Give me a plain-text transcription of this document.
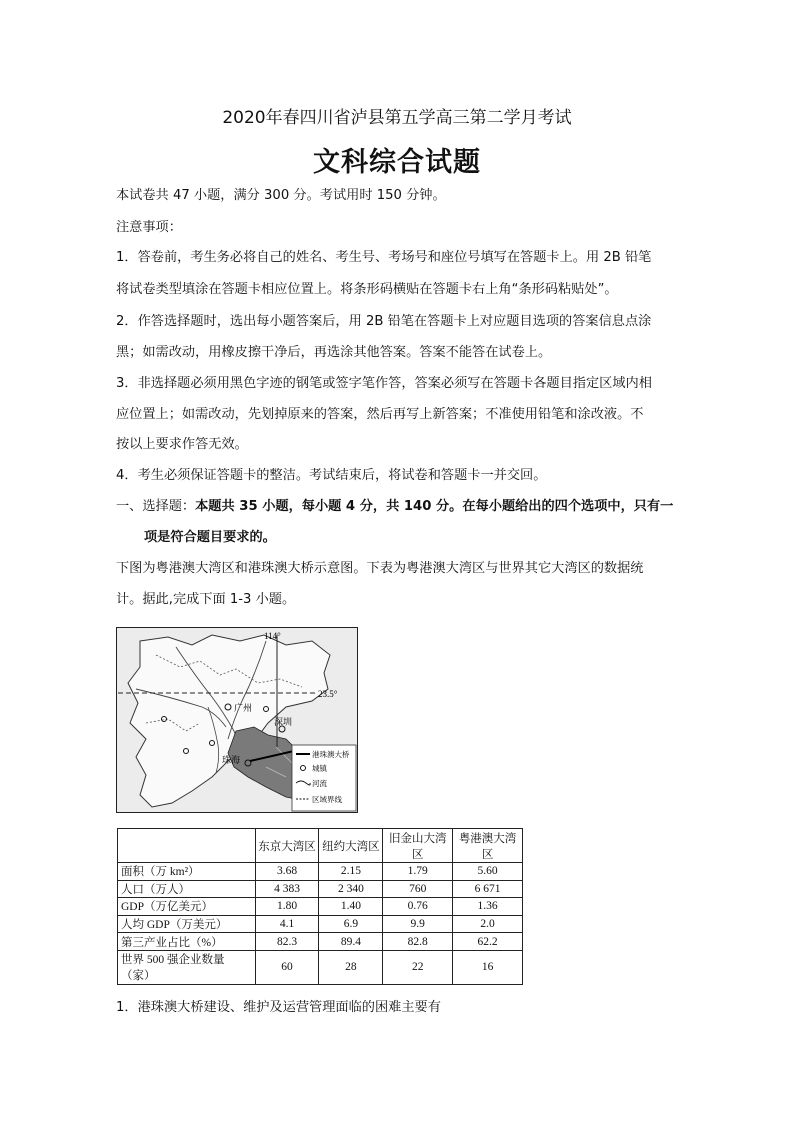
2020年春四川省泸县第五学高三第二学月考试
文科综合试题
本试卷共 47 小题，满分 300 分。考试用时 150 分钟。
注意事项：
1．答卷前，考生务必将自己的姓名、考生号、考场号和座位号填写在答题卡上。用 2B 铅笔
将试卷类型填涂在答题卡相应位置上。将条形码横贴在答题卡右上角“条形码粘贴处”。
2．作答选择题时，选出每小题答案后，用 2B 铅笔在答题卡上对应题目选项的答案信息点涂
黑；如需改动，用橡皮擦干净后，再选涂其他答案。答案不能答在试卷上。
3．非选择题必须用黑色字迹的钢笔或签字笔作答，答案必须写在答题卡各题目指定区域内相
应位置上；如需改动，先划掉原来的答案，然后再写上新答案；不准使用铅笔和涂改液。不
按以上要求作答无效。
4．考生必须保证答题卡的整洁。考试结束后，将试卷和答题卡一并交回。
一、选择题：本题共 35 小题，每小题 4 分，共 140 分。在每小题给出的四个选项中，只有一
项是符合题目要求的。
下图为粤港澳大湾区和港珠澳大桥示意图。下表为粤港澳大湾区与世界其它大湾区的数据统
计。据此,完成下面 1-3 小题。
114°
23.5°
广州
深圳
珠海
港珠澳大桥
城镇
河流
区域界线
	东京大湾区	纽约大湾区	旧金山大湾区	粤港澳大湾区
面积（万 km²）	3.68	2.15	1.79	5.60
人口（万人）	4 383	2 340	760	6 671
GDP（万亿美元）	1.80	1.40	0.76	1.36
人均 GDP（万美元）	4.1	6.9	9.9	2.0
第三产业占比（%）	82.3	89.4	82.8	62.2
世界 500 强企业数量（家）	60	28	22	16
1．港珠澳大桥建设、维护及运营管理面临的困难主要有
